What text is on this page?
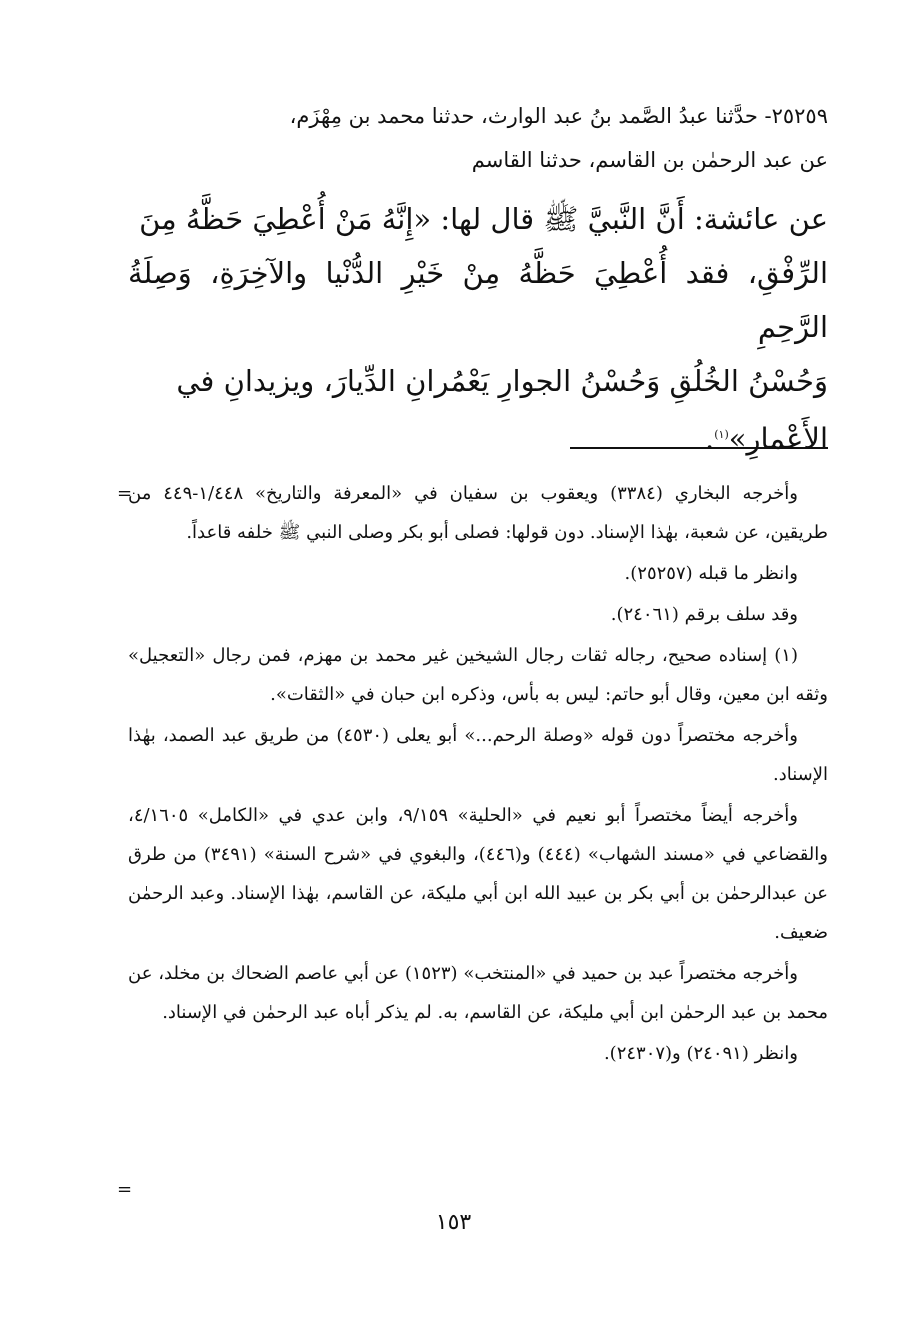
٢٥٢٥٩- حدَّثنا عبدُ الصَّمد بنُ عبد الوارث، حدثنا محمد بن مِهْزَم،

عن عبد الرحمٰن بن القاسم، حدثنا القاسم

عن عائشة: أَنَّ النَّبيَّ ﷺ قال لها: «إِنَّهُ مَنْ أُعْطِيَ حَظَّهُ مِنَ

الرِّفْقِ، فقد أُعْطِيَ حَظَّهُ مِنْ خَيْرِ الدُّنْيا والآخِرَةِ، وَصِلَةُ الرَّحِمِ

وَحُسْنُ الخُلُقِ وَحُسْنُ الجوارِ يَعْمُرانِ الدِّيارَ، ويزيدانِ في

الأَعْمارِ»$^{(١)}$.

=

وأخرجه البخاري (٣٣٨٤) ويعقوب بن سفيان في «المعرفة والتاريخ» ١/٤٤٨-٤٤٩ من طريقين، عن شعبة، بهٰذا الإسناد. دون قولها: فصلى أبو بكر وصلى النبي ﷺ خلفه قاعداً.

وانظر ما قبله (٢٥٢٥٧).

وقد سلف برقم (٢٤٠٦١).

(١) إسناده صحيح، رجاله ثقات رجال الشيخين غير محمد بن مهزم، فمن رجال «التعجيل» وثقه ابن معين، وقال أبو حاتم: ليس به بأس، وذكره ابن حبان في «الثقات».

وأخرجه مختصراً دون قوله «وصلة الرحم...» أبو يعلى (٤٥٣٠) من طريق عبد الصمد، بهٰذا الإسناد.

وأخرجه أيضاً مختصراً أبو نعيم في «الحلية» ٩/١٥٩، وابن عدي في «الكامل» ٤/١٦٠٥، والقضاعي في «مسند الشهاب» (٤٤٤) و(٤٤٦)، والبغوي في «شرح السنة» (٣٤٩١) من طرق عن عبدالرحمٰن بن أبي بكر بن عبيد الله ابن أبي مليكة، عن القاسم، بهٰذا الإسناد. وعبد الرحمٰن ضعيف.

وأخرجه مختصراً عبد بن حميد في «المنتخب» (١٥٢٣) عن أبي عاصم الضحاك بن مخلد، عن محمد بن عبد الرحمٰن ابن أبي مليكة، عن القاسم، به. لم يذكر أباه عبد الرحمٰن في الإسناد.

وانظر (٢٤٠٩١) و(٢٤٣٠٧).

=
١٥٣
